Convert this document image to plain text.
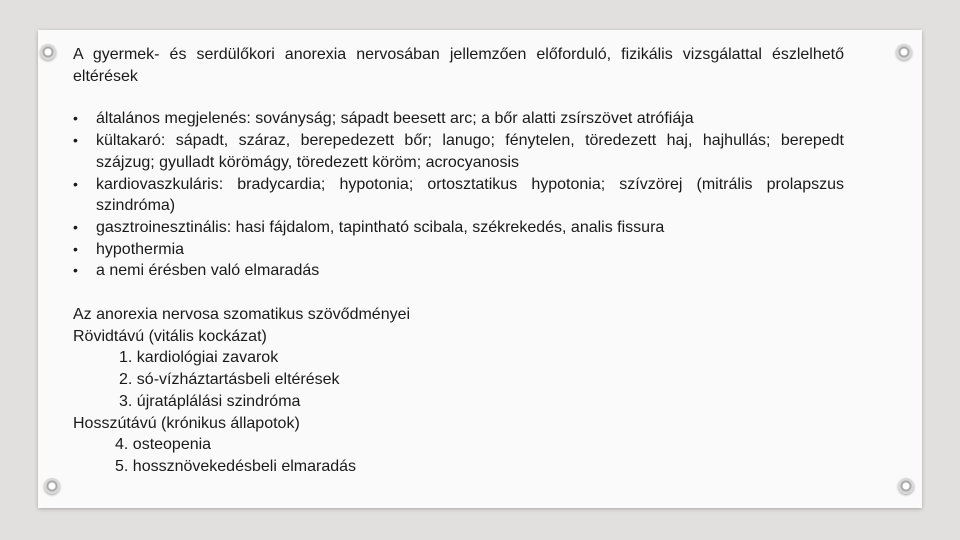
A gyermek- és serdülőkori anorexia nervosában jellemzően előforduló, fizikális vizsgálattal észlelhető eltérések

• általános megjelenés: soványság; sápadt beesett arc; a bőr alatti zsírszövet atrófiája
• kültakaró: sápadt, száraz, berepedezett bőr; lanugo; fénytelen, töredezett haj, hajhullás; berepedt szájzug; gyulladt körömágy, töredezett köröm; acrocyanosis
• kardiovaszkuláris: bradycardia; hypotonia; ortosztatikus hypotonia; szívzörej (mitrális prolapszus szindróma)
• gasztroinesztinális: hasi fájdalom, tapintható scibala, székrekedés, analis fissura
• hypothermia
• a nemi érésben való elmaradás

Az anorexia nervosa szomatikus szövődményei

Rövidtávú (vitális kockázat)

1. kardiológiai zavarok

2. só-vízháztartásbeli eltérések

3. újratáplálási szindróma

Hosszútávú (krónikus állapotok)

4. osteopenia

5. hossznövekedésbeli elmaradás
